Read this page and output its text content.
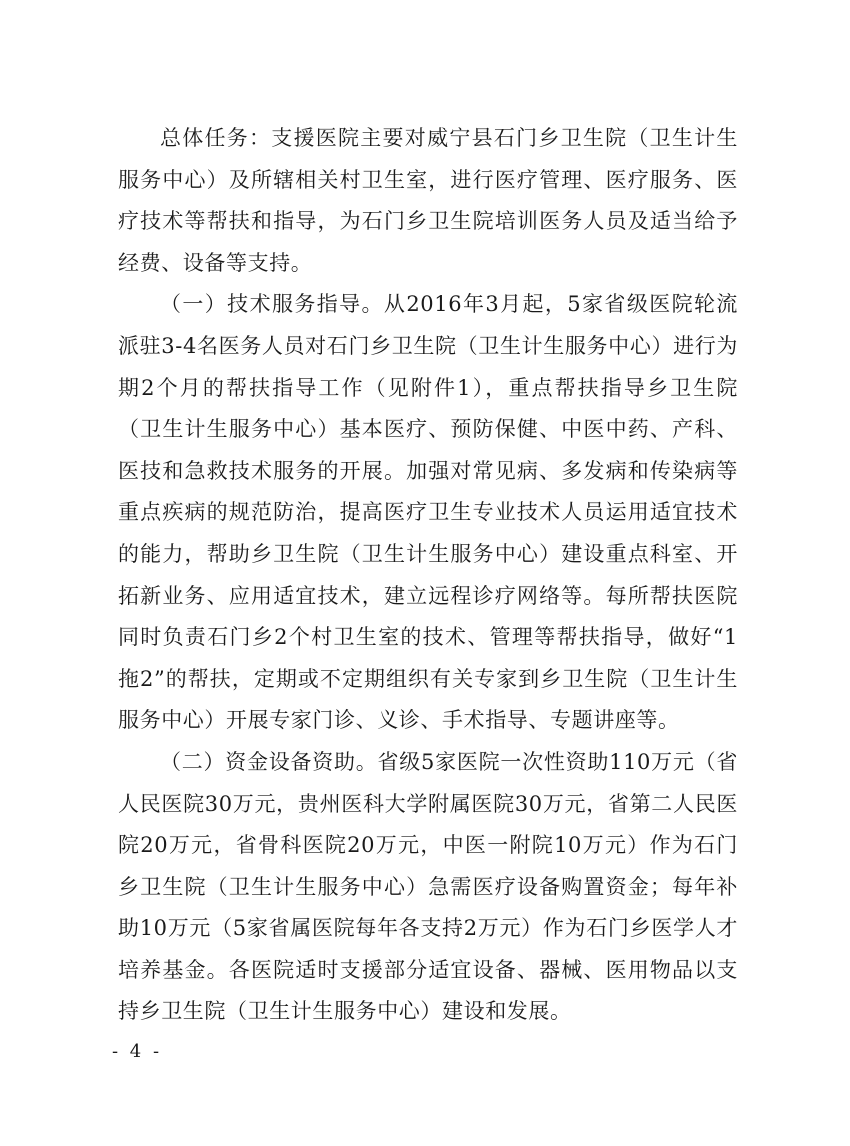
总体任务：支援医院主要对威宁县石门乡卫生院（卫生计生服务中心）及所辖相关村卫生室，进行医疗管理、医疗服务、医疗技术等帮扶和指导，为石门乡卫生院培训医务人员及适当给予经费、设备等支持。

（一）技术服务指导。从2016年3月起，5家省级医院轮流派驻3-4名医务人员对石门乡卫生院（卫生计生服务中心）进行为期2个月的帮扶指导工作（见附件1），重点帮扶指导乡卫生院（卫生计生服务中心）基本医疗、预防保健、中医中药、产科、医技和急救技术服务的开展。加强对常见病、多发病和传染病等重点疾病的规范防治，提高医疗卫生专业技术人员运用适宜技术的能力，帮助乡卫生院（卫生计生服务中心）建设重点科室、开拓新业务、应用适宜技术，建立远程诊疗网络等。每所帮扶医院同时负责石门乡2个村卫生室的技术、管理等帮扶指导，做好“1拖2”的帮扶，定期或不定期组织有关专家到乡卫生院（卫生计生服务中心）开展专家门诊、义诊、手术指导、专题讲座等。

（二）资金设备资助。省级5家医院一次性资助110万元（省人民医院30万元，贵州医科大学附属医院30万元，省第二人民医院20万元，省骨科医院20万元，中医一附院10万元）作为石门乡卫生院（卫生计生服务中心）急需医疗设备购置资金；每年补助10万元（5家省属医院每年各支持2万元）作为石门乡医学人才培养基金。各医院适时支援部分适宜设备、器械、医用物品以支持乡卫生院（卫生计生服务中心）建设和发展。

- 4 -
